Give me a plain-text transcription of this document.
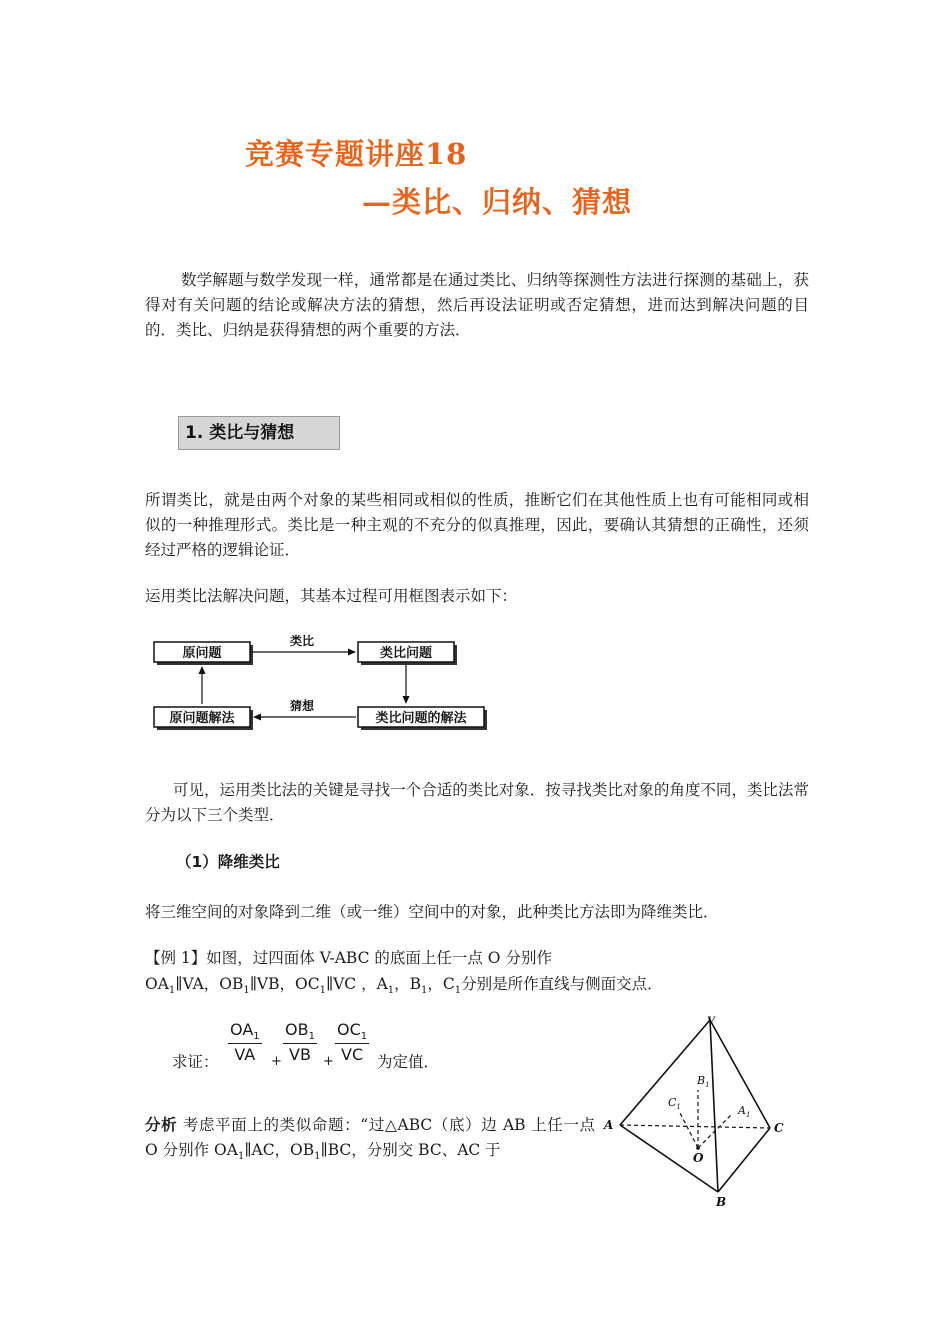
竞赛专题讲座18
—类比、归纳、猜想
数学解题与数学发现一样，通常都是在通过类比、归纳等探测性方法进行探测的基础上，获得对有关问题的结论或解决方法的猜想，然后再设法证明或否定猜想，进而达到解决问题的目的．类比、归纳是获得猜想的两个重要的方法．
1. 类比与猜想
所谓类比，就是由两个对象的某些相同或相似的性质，推断它们在其他性质上也有可能相同或相似的一种推理形式。类比是一种主观的不充分的似真推理，因此，要确认其猜想的正确性，还须经过严格的逻辑论证．
运用类比法解决问题，其基本过程可用框图表示如下：
原问题	类比问题
原问题解法	类比问题的解法
类比
猜想
可见，运用类比法的关键是寻找一个合适的类比对象．按寻找类比对象的角度不同，类比法常分为以下三个类型．
（1）降维类比
将三维空间的对象降到二维（或一维）空间中的对象，此种类比方法即为降维类比．
【例 1】如图，过四面体 V-ABC 的底面上任一点 O 分别作
$OA_1\parallel VA$，$OB_1\parallel VB$，$OC_1\parallel VC$ ，$A_1$，$B_1$，$C_1$分别是所作直线与侧面交点．
求证： $\frac{OA_1}{VA} + \frac{OB_1}{VB} + \frac{OC_1}{VC}$ 为定值．
分析 考虑平面上的类似命题：“过△ABC（底）边 AB 上任一点 O 分别作 $OA_1\parallel AC$，$OB_1\parallel BC$，分别交 BC、AC 于
V
A	C
B
O
$B_1$
$C_1$	$A_1$
